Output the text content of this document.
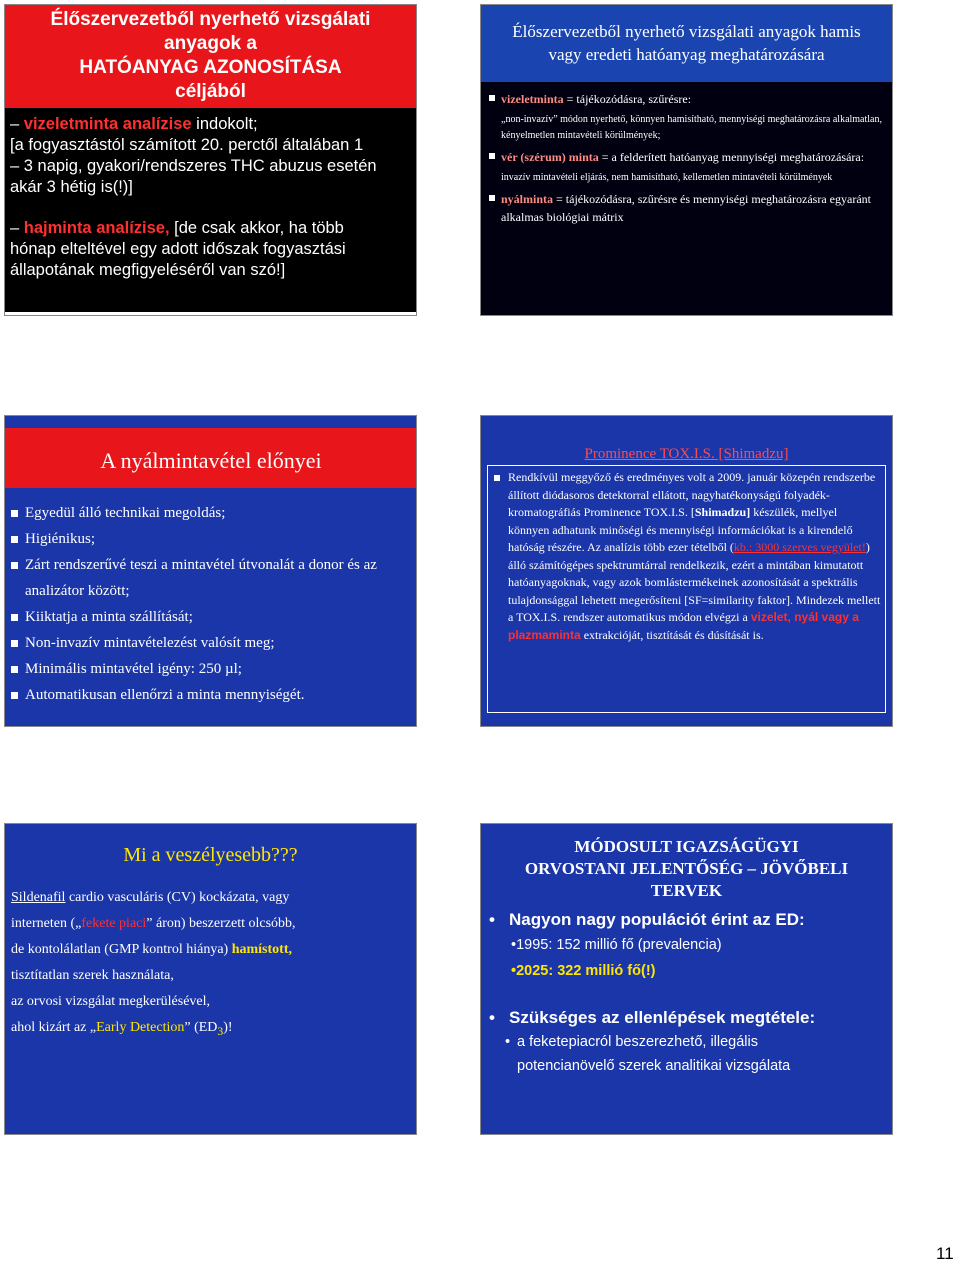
Élőszervezetből nyerhető vizsgálati
anyagok a
HATÓANYAG AZONOSÍTÁSA
céljából

– vizeletminta analízise indokolt;

[a fogyasztástól számított 20. perctől általában 1

– 3 napig, gyakori/rendszeres THC abuzus esetén

akár 3 hétig is(!)]

– hajminta analízise, [de csak akkor, ha több

hónap elteltével egy adott időszak fogyasztási

állapotának megfigyeléséről van szó!]

Élőszervezetből nyerhető vizsgálati anyagok hamis
vagy eredeti hatóanyag meghatározására
vizeletminta = tájékozódásra, szűrésre:
„non-invazív” módon nyerhető, könnyen hamisítható, mennyiségi meghatározásra alkalmatlan, kényelmetlen mintavételi körülmények;
vér (szérum) minta = a felderített hatóanyag mennyiségi meghatározására:
invazív mintavételi eljárás, nem hamisítható, kellemetlen mintavételi körülmények
nyálminta = tájékozódásra, szűrésre és mennyiségi meghatározásra egyaránt alkalmas biológiai mátrix
A nyálmintavétel előnyei
Egyedül álló technikai megoldás;
Higiénikus;
Zárt rendszerűvé teszi a mintavétel útvonalát a donor és az analizátor között;
Kiiktatja a minta szállítását;
Non-invazív mintavételezést valósít meg;
Minimális mintavétel igény: 250 µl;
Automatikusan ellenőrzi a minta mennyiségét.
Prominence TOX.I.S. [Shimadzu]
Rendkívül meggyőző és eredményes volt a 2009. január közepén rendszerbe állított diódasoros detektorral ellátott, nagyhatékonyságú folyadék-kromatográfiás Prominence TOX.I.S. [Shimadzu] készülék, mellyel könnyen adhatunk minőségi és mennyiségi információkat is a kirendelő hatóság részére. Az analízis több ezer tételből (kb.: 3000 szerves vegyület!) álló számítógépes spektrumtárral rendelkezik, ezért a mintában kimutatott hatóanyagoknak, vagy azok bomlástermékeinek azonosítását a spektrális tulajdonsággal lehetett megerősíteni [SF=similarity faktor]. Mindezek mellett a TOX.I.S. rendszer automatikus módon elvégzi a vizelet, nyál vagy a plazmaminta extrakcióját, tisztítását és dúsítását is.
Mi a veszélyesebb???

Sildenafil cardio vasculáris (CV) kockázata, vagy

interneten („fekete piaci” áron) beszerzett olcsóbb,

de kontolálatlan (GMP kontrol hiánya) hamístott,

tisztítatlan szerek használata,

az orvosi vizsgálat megkerülésével,

ahol kizárt az „Early Detection” $(ED_3)$!

MÓDOSULT IGAZSÁGÜGYI
ORVOSTANI JELENTŐSÉG – JÖVŐBELI
TERVEK
• Nagyon nagy populációt érint az ED:
•1995: 152 millió fő (prevalencia)
•2025: 322 millió fő(!)
• Szükséges az ellenlépések megtétele:
• a feketepiacról beszerezhető, illegális
potencianövelő szerek analitikai vizsgálata
11
